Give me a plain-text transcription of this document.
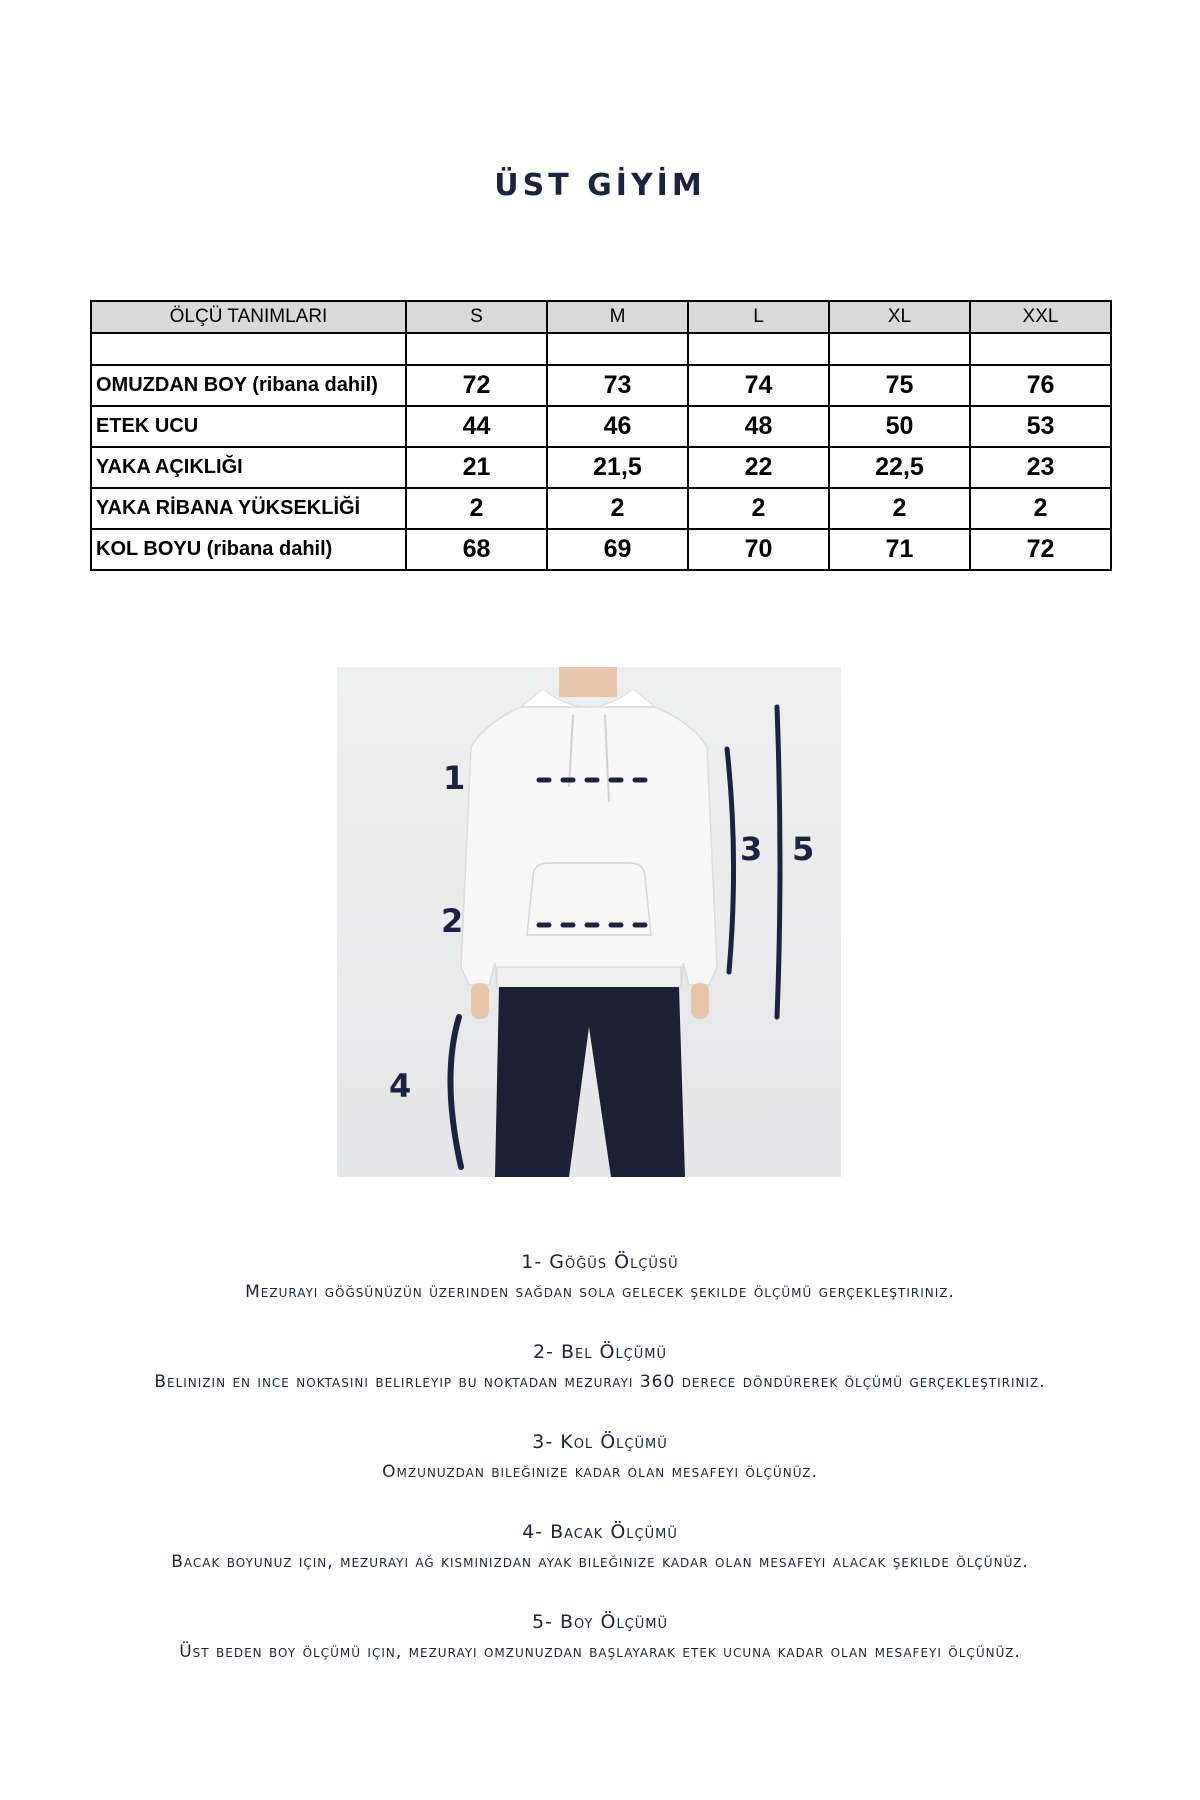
ÜST GİYİM
ÖLÇÜ TANIMLARI	S	M	L	XL	XXL

OMUZDAN BOY (ribana dahil)	72	73	74	75	76
ETEK UCU	44	46	48	50	53
YAKA AÇIKLIĞI	21	21,5	22	22,5	23
YAKA RİBANA YÜKSEKLİĞİ	2	2	2	2	2
KOL BOYU (ribana dahil)	68	69	70	71	72
1
2
3
4
5
1- Göğüs Ölçüsü
Mezurayı göğsünüzün üzerinden sağdan sola gelecek şekilde ölçümü gerçekleştiriniz.
2- Bel Ölçümü
Belinizin en ince noktasını belirleyip bu noktadan mezurayı 360 derece döndürerek ölçümü gerçekleştiriniz.
3- Kol Ölçümü
Omzunuzdan bileğinize kadar olan mesafeyi ölçünüz.
4- Bacak Ölçümü
Bacak boyunuz için, mezurayı ağ kısmınızdan ayak bileğinize kadar olan mesafeyi alacak şekilde ölçünüz.
5- Boy Ölçümü
Üst beden boy ölçümü için, mezurayı omzunuzdan başlayarak etek ucuna kadar olan mesafeyi ölçünüz.
